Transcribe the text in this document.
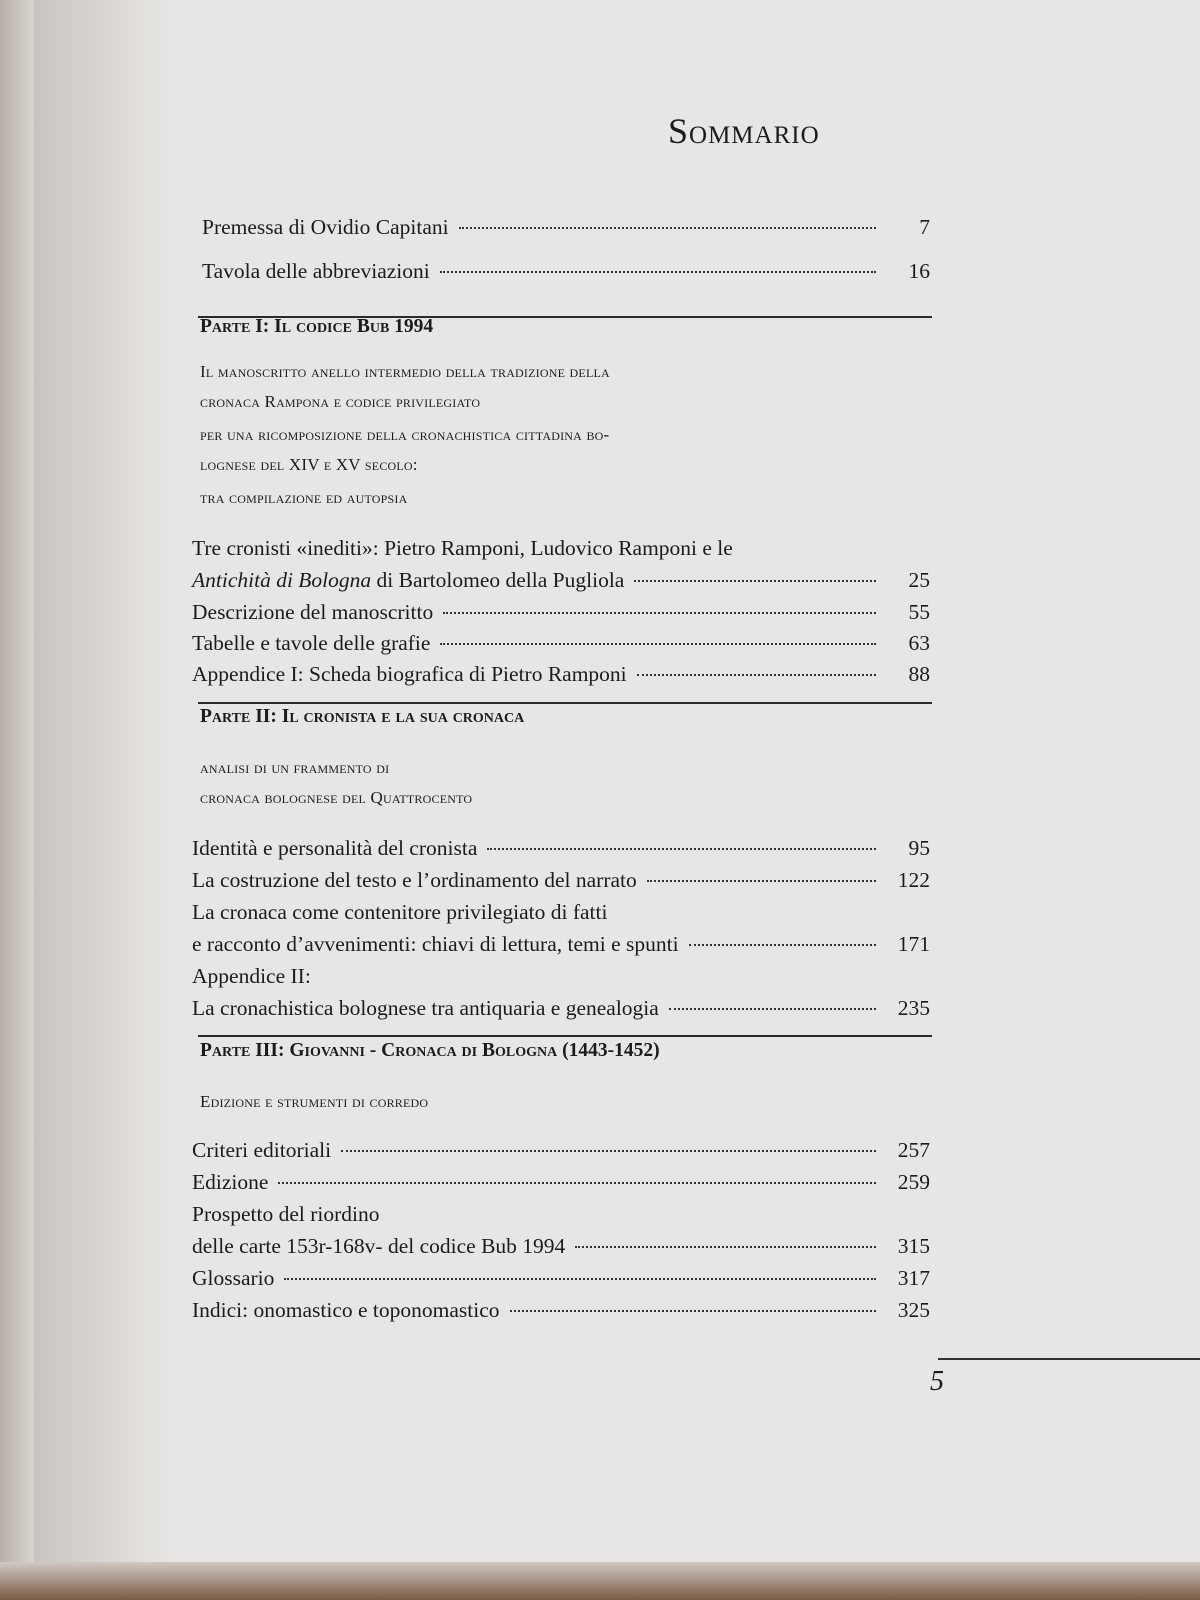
Sommario
Premessa di Ovidio Capitani	7
Tavola delle abbreviazioni	16
Parte I: Il codice Bub 1994
Il manoscritto anello intermedio della tradizione della
cronaca Rampona e codice privilegiato
per una ricomposizione della cronachistica cittadina bo-
lognese del XIV e XV secolo:
tra compilazione ed autopsia
Tre cronisti «inediti»: Pietro Ramponi, Ludovico Ramponi e le
Antichità di Bologna di Bartolomeo della Pugliola	25
Descrizione del manoscritto	55
Tabelle e tavole delle grafie	63
Appendice I: Scheda biografica di Pietro Ramponi	88
Parte II: Il cronista e la sua cronaca
analisi di un frammento di
cronaca bolognese del Quattrocento
Identità e personalità del cronista	95
La costruzione del testo e l’ordinamento del narrato	122
La cronaca come contenitore privilegiato di fatti
e racconto d’avvenimenti: chiavi di lettura, temi e spunti	171
Appendice II:
La cronachistica bolognese tra antiquaria e genealogia	235
Parte III: Giovanni - Cronaca di Bologna (1443-1452)
Edizione e strumenti di corredo
Criteri editoriali	257
Edizione	259
Prospetto del riordino
delle carte 153r-168v- del codice Bub 1994	315
Glossario	317
Indici: onomastico e toponomastico	325
5
